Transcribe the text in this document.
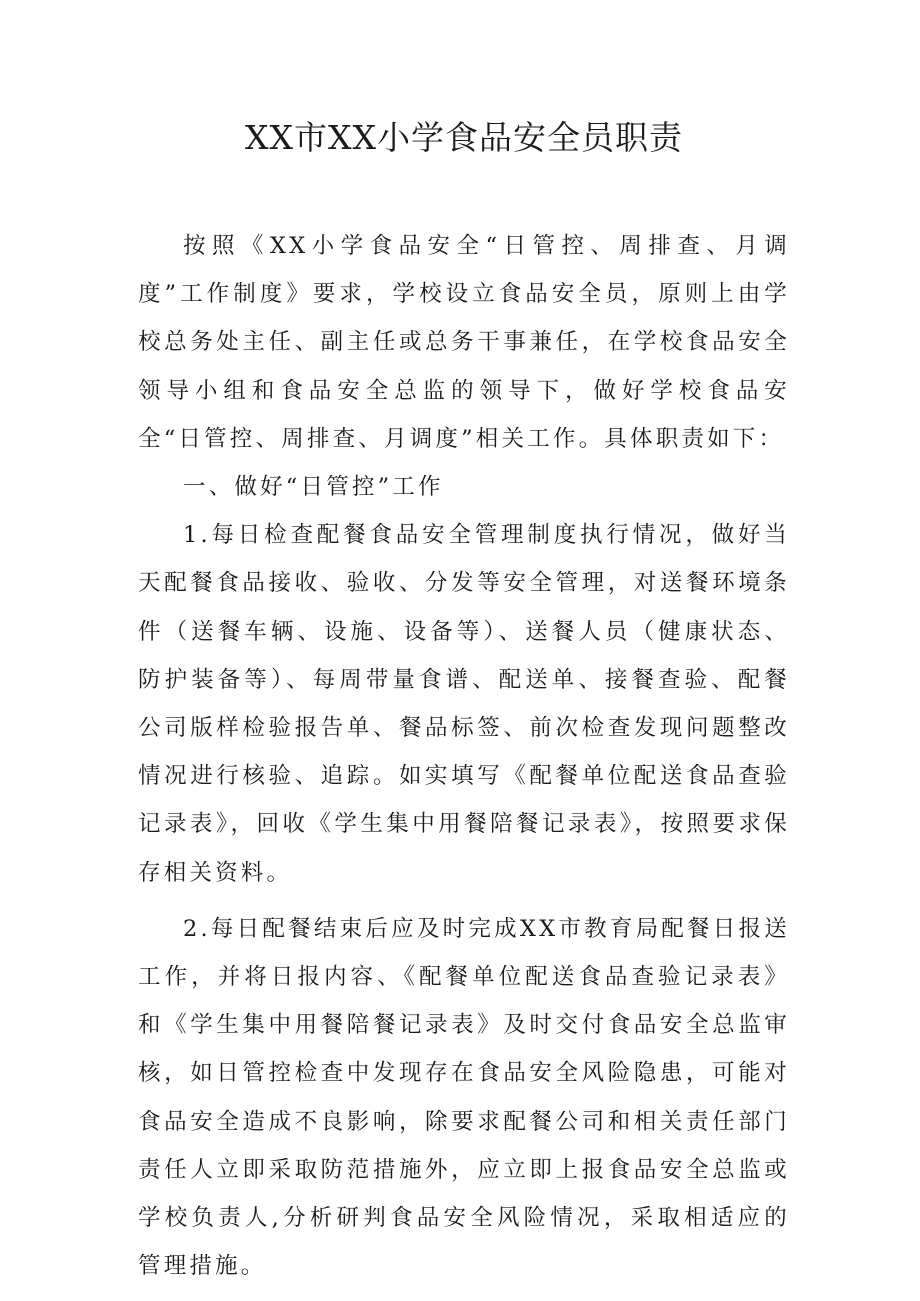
XX市XX小学食品安全员职责

按照《XX小学食品安全“日管控、周排查、月调度”工作制度》要求，学校设立食品安全员，原则上由学校总务处主任、副主任或总务干事兼任，在学校食品安全领导小组和食品安全总监的领导下，做好学校食品安全“日管控、周排查、月调度”相关工作。具体职责如下：

一、做好“日管控”工作

1.每日检查配餐食品安全管理制度执行情况，做好当天配餐食品接收、验收、分发等安全管理，对送餐环境条件（送餐车辆、设施、设备等）、送餐人员（健康状态、防护装备等）、每周带量食谱、配送单、接餐查验、配餐公司版样检验报告单、餐品标签、前次检查发现问题整改情况进行核验、追踪。如实填写《配餐单位配送食品查验记录表》，回收《学生集中用餐陪餐记录表》，按照要求保存相关资料。

2.每日配餐结束后应及时完成XX市教育局配餐日报送工作，并将日报内容、《配餐单位配送食品查验记录表》和《学生集中用餐陪餐记录表》及时交付食品安全总监审核，如日管控检查中发现存在食品安全风险隐患，可能对食品安全造成不良影响，除要求配餐公司和相关责任部门责任人立即采取防范措施外，应立即上报食品安全总监或学校负责人,分析研判食品安全风险情况，采取相适应的管理措施。
